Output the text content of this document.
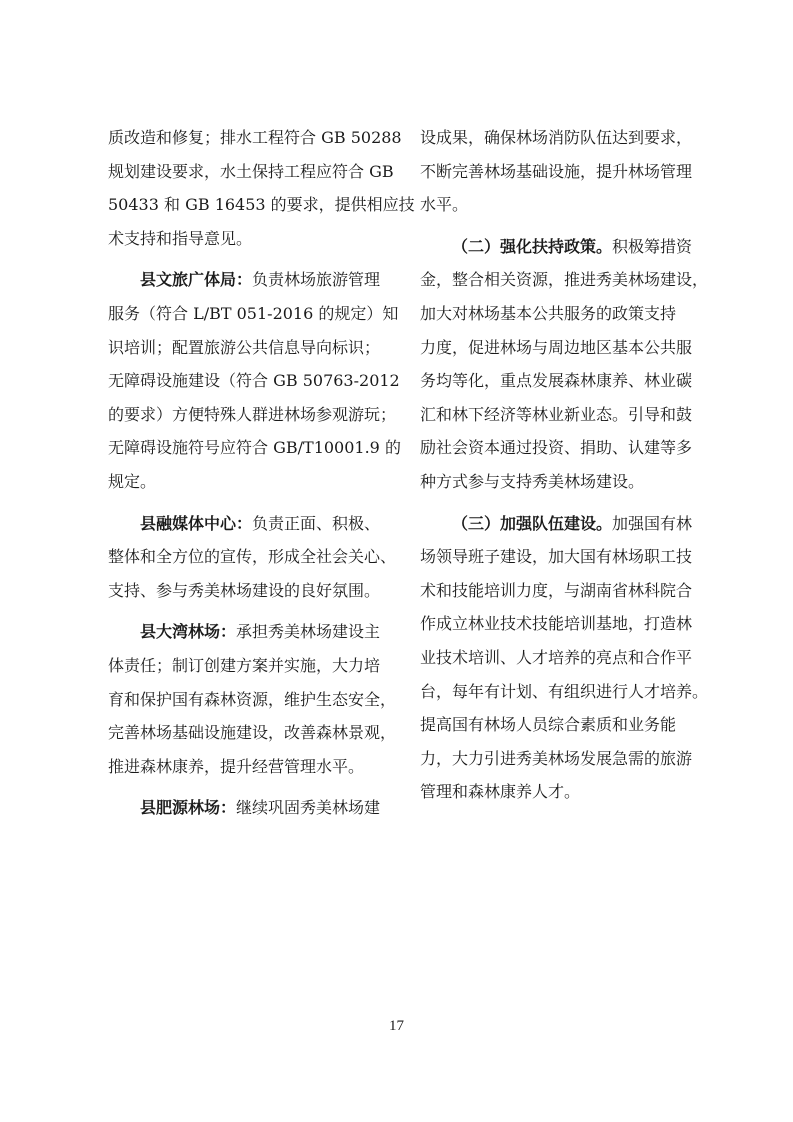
质改造和修复；排水工程符合 GB 50288
规划建设要求，水土保持工程应符合 GB
50433 和 GB 16453 的要求，提供相应技
术支持和指导意见。
县文旅广体局：负责林场旅游管理
服务（符合 L/BT 051-2016 的规定）知
识培训；配置旅游公共信息导向标识；
无障碍设施建设（符合 GB 50763-2012
的要求）方便特殊人群进林场参观游玩；
无障碍设施符号应符合 GB/T10001.9 的
规定。
县融媒体中心：负责正面、积极、
整体和全方位的宣传，形成全社会关心、
支持、参与秀美林场建设的良好氛围。
县大湾林场：承担秀美林场建设主
体责任；制订创建方案并实施，大力培
育和保护国有森林资源，维护生态安全，
完善林场基础设施建设，改善森林景观，
推进森林康养，提升经营管理水平。
县肥源林场：继续巩固秀美林场建
设成果，确保林场消防队伍达到要求，
不断完善林场基础设施，提升林场管理
水平。
（二）强化扶持政策。积极筹措资
金，整合相关资源，推进秀美林场建设，
加大对林场基本公共服务的政策支持
力度，促进林场与周边地区基本公共服
务均等化，重点发展森林康养、林业碳
汇和林下经济等林业新业态。引导和鼓
励社会资本通过投资、捐助、认建等多
种方式参与支持秀美林场建设。
（三）加强队伍建设。加强国有林
场领导班子建设，加大国有林场职工技
术和技能培训力度，与湖南省林科院合
作成立林业技术技能培训基地，打造林
业技术培训、人才培养的亮点和合作平
台，每年有计划、有组织进行人才培养。
提高国有林场人员综合素质和业务能
力，大力引进秀美林场发展急需的旅游
管理和森林康养人才。
17
